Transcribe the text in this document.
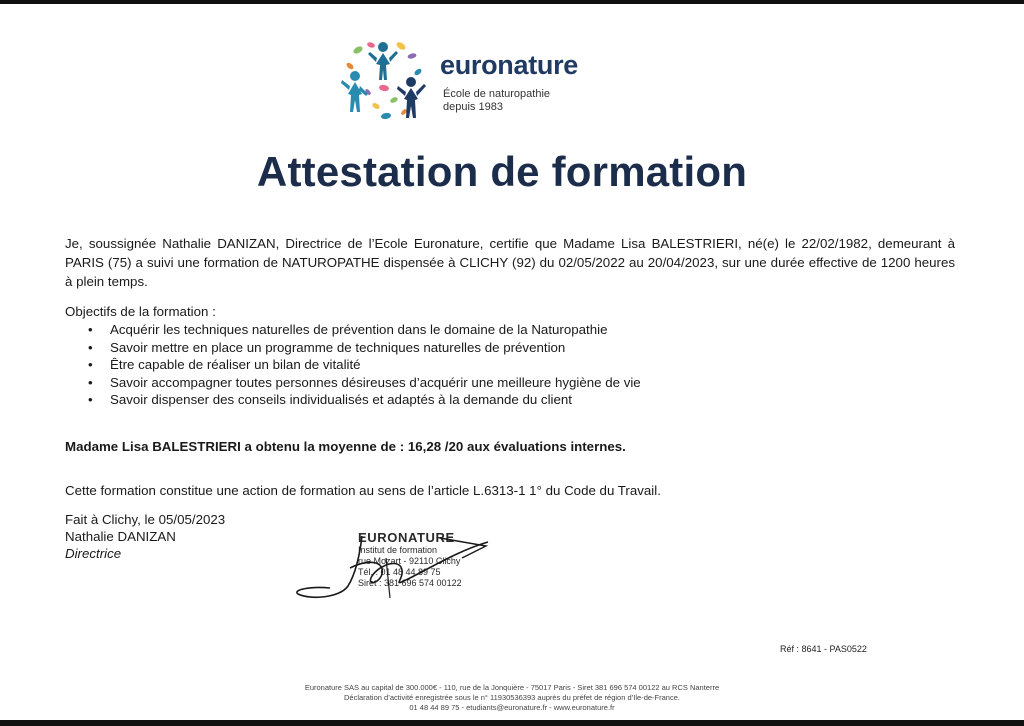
euronature
École de naturopathie
depuis 1983
Attestation de formation
Je, soussignée Nathalie DANIZAN, Directrice de l’Ecole Euronature, certifie que Madame Lisa BALESTRIERI, né(e) le 22/02/1982, demeurant à PARIS (75) a suivi une formation de NATUROPATHE dispensée à CLICHY (92) du 02/05/2022 au 20/04/2023, sur une durée effective de 1200 heures à plein temps.
Objectifs de la formation :
• Acquérir les techniques naturelles de prévention dans le domaine de la Naturopathie
• Savoir mettre en place un programme de techniques naturelles de prévention
• Être capable de réaliser un bilan de vitalité
• Savoir accompagner toutes personnes désireuses d’acquérir une meilleure hygiène de vie
• Savoir dispenser des conseils individualisés et adaptés à la demande du client
Madame Lisa BALESTRIERI a obtenu la moyenne de : 16,28 /20 aux évaluations internes.
Cette formation constitue une action de formation au sens de l’article L.6313-1 1° du Code du Travail.
Fait à Clichy, le 05/05/2023
Nathalie DANIZAN
Directrice
EURONATURE
Institut de formation
rue Mozart - 92110 Clichy
Tél. : 01 48 44 89 75
Siret : 381 696 574 00122
Réf : 8641 - PAS0522
Euronature SAS au capital de 300.000€ - 110, rue de la Jonquière - 75017 Paris - Siret 381 696 574 00122 au RCS Nanterre
Déclaration d’activité enregistrée sous le n° 11930536393 auprès du préfet de région d’Ile-de-France.
01 48 44 89 75 - etudiants@euronature.fr - www.euronature.fr
